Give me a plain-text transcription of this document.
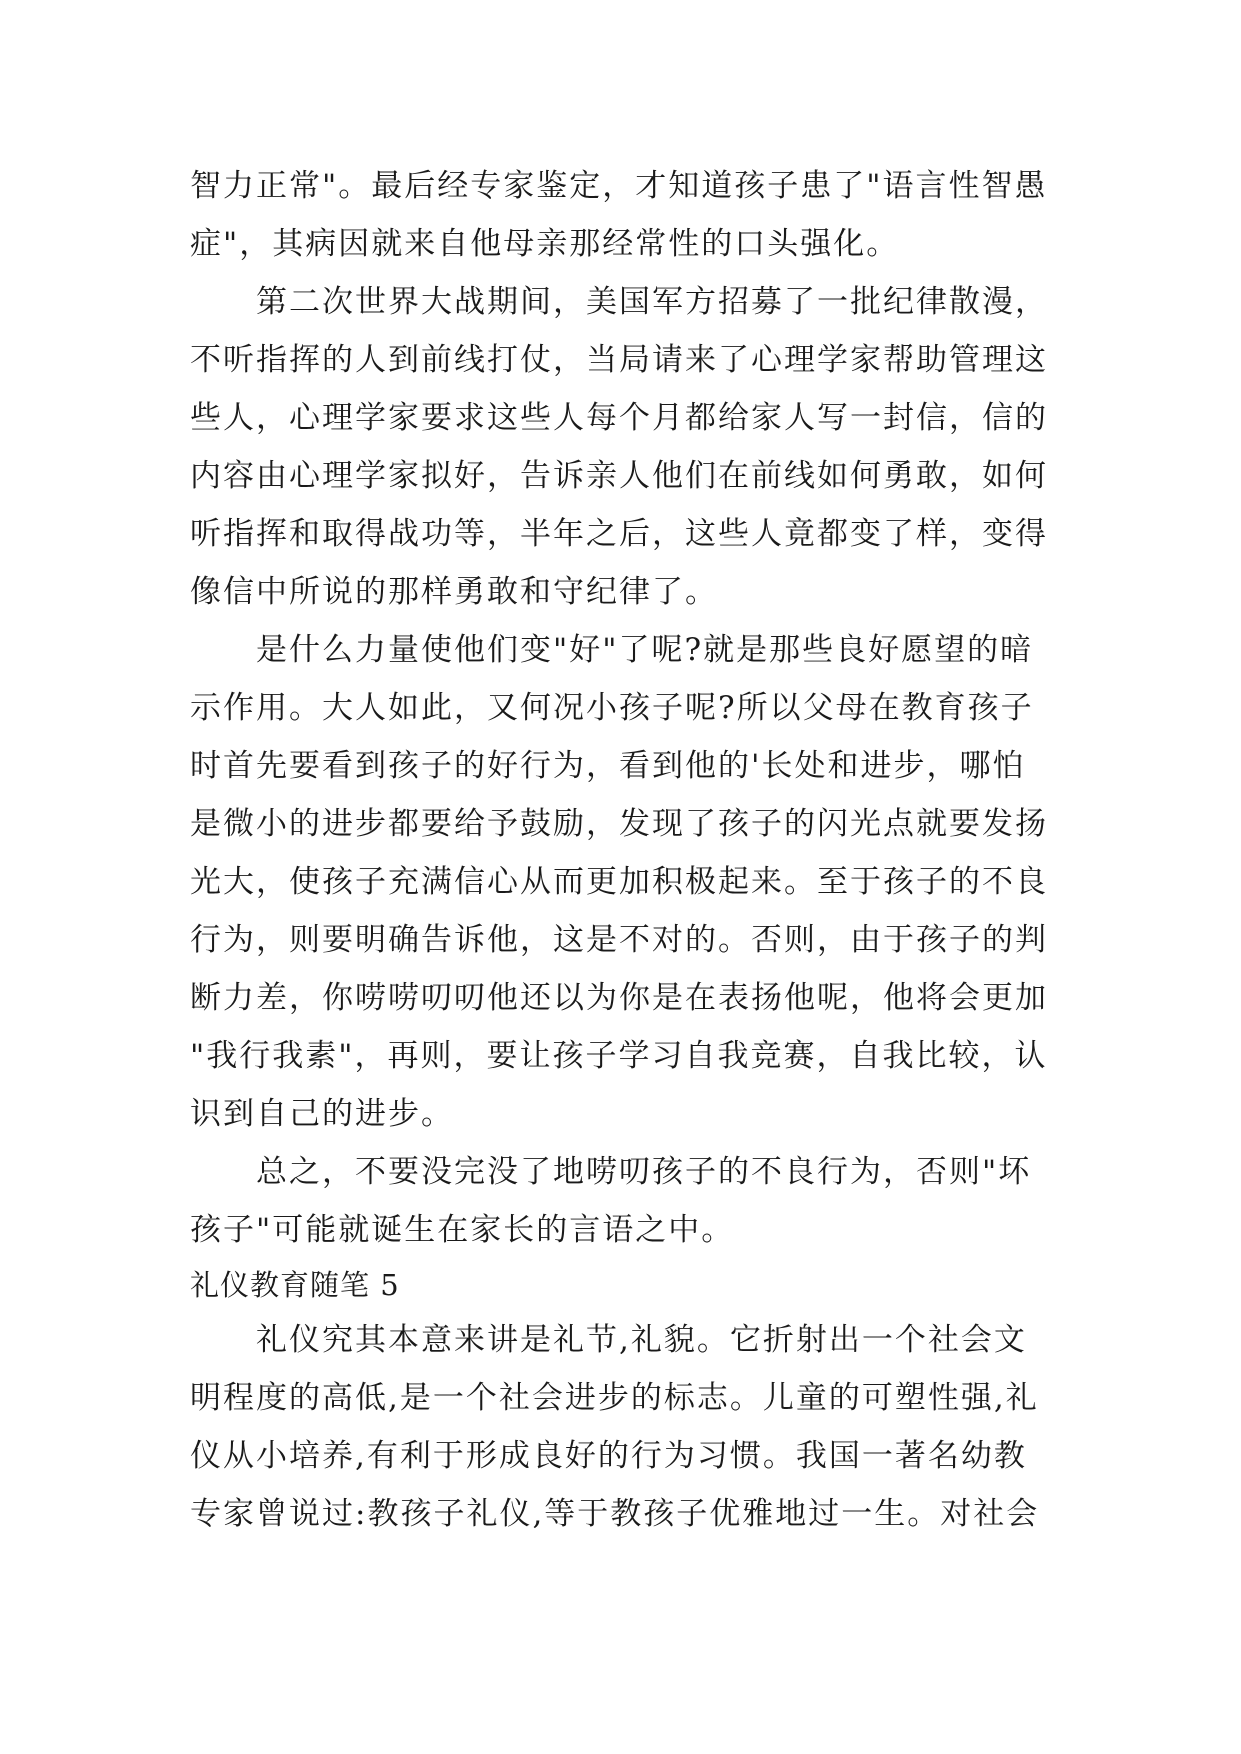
智力正常"。最后经专家鉴定，才知道孩子患了"语言性智愚
症"，其病因就来自他母亲那经常性的口头强化。
第二次世界大战期间，美国军方招募了一批纪律散漫，
不听指挥的人到前线打仗，当局请来了心理学家帮助管理这
些人，心理学家要求这些人每个月都给家人写一封信，信的
内容由心理学家拟好，告诉亲人他们在前线如何勇敢，如何
听指挥和取得战功等，半年之后，这些人竟都变了样，变得
像信中所说的那样勇敢和守纪律了。
是什么力量使他们变"好"了呢?就是那些良好愿望的暗
示作用。大人如此，又何况小孩子呢?所以父母在教育孩子
时首先要看到孩子的好行为，看到他的'长处和进步，哪怕
是微小的进步都要给予鼓励，发现了孩子的闪光点就要发扬
光大，使孩子充满信心从而更加积极起来。至于孩子的不良
行为，则要明确告诉他，这是不对的。否则，由于孩子的判
断力差，你唠唠叨叨他还以为你是在表扬他呢，他将会更加
"我行我素"，再则，要让孩子学习自我竞赛，自我比较，认
识到自己的进步。
总之，不要没完没了地唠叨孩子的不良行为，否则"坏
孩子"可能就诞生在家长的言语之中。
礼仪教育随笔 5
礼仪究其本意来讲是礼节,礼貌。它折射出一个社会文
明程度的高低,是一个社会进步的标志。儿童的可塑性强,礼
仪从小培养,有利于形成良好的行为习惯。我国一著名幼教
专家曾说过:教孩子礼仪,等于教孩子优雅地过一生。对社会
